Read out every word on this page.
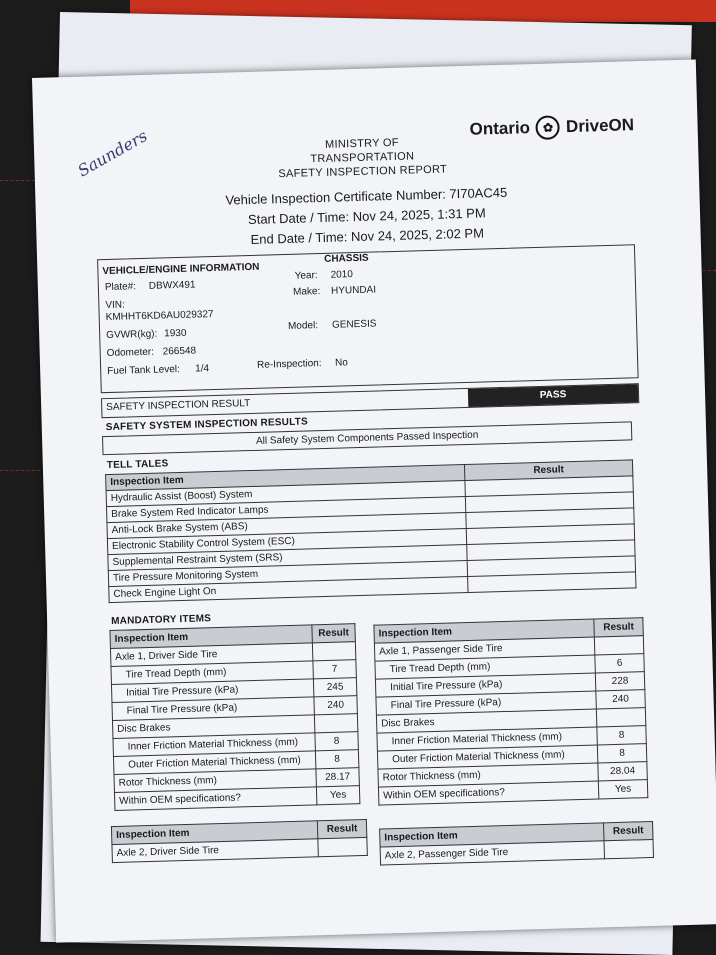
Saunders	MINISTRY OF TRANSPORTATION
SAFETY INSPECTION REPORT
Ontario	✿ DriveON
Vehicle Inspection Certificate Number: 7I70AC45
Start Date / Time: Nov 24, 2025, 1:31 PM
End Date / Time: Nov 24, 2025, 2:02 PM
VEHICLE/ENGINE INFORMATION
CHASSIS
Plate#: DBWX491
VIN:
KMHHT6KD6AU029327
GVWR(kg): 1930
Odometer: 266548
Fuel Tank Level: 1/4
Year: 2010
Make: HYUNDAI
Model: GENESIS
Re-Inspection: No
SAFETY INSPECTION RESULT
PASS
SAFETY SYSTEM INSPECTION RESULTS
All Safety System Components Passed Inspection
TELL TALES
Inspection Item	Result
Hydraulic Assist (Boost) System	
Brake System Red Indicator Lamps	
Anti-Lock Brake System (ABS)	
Electronic Stability Control System (ESC)	
Supplemental Restraint System (SRS)	
Tire Pressure Monitoring System	
Check Engine Light On	
MANDATORY ITEMS
Inspection Item	Result
Axle 1, Driver Side Tire	
Tire Tread Depth (mm)	7
Initial Tire Pressure (kPa)	245
Final Tire Pressure (kPa)	240
Disc Brakes	
Inner Friction Material Thickness (mm)	8
Outer Friction Material Thickness (mm)	8
Rotor Thickness (mm)	28.17
Within OEM specifications?	Yes
Inspection Item	Result
Axle 1, Passenger Side Tire	
Tire Tread Depth (mm)	6
Initial Tire Pressure (kPa)	228
Final Tire Pressure (kPa)	240
Disc Brakes	
Inner Friction Material Thickness (mm)	8
Outer Friction Material Thickness (mm)	8
Rotor Thickness (mm)	28.04
Within OEM specifications?	Yes
Inspection Item	Result
Axle 2, Driver Side Tire	
Inspection Item	Result
Axle 2, Passenger Side Tire	
